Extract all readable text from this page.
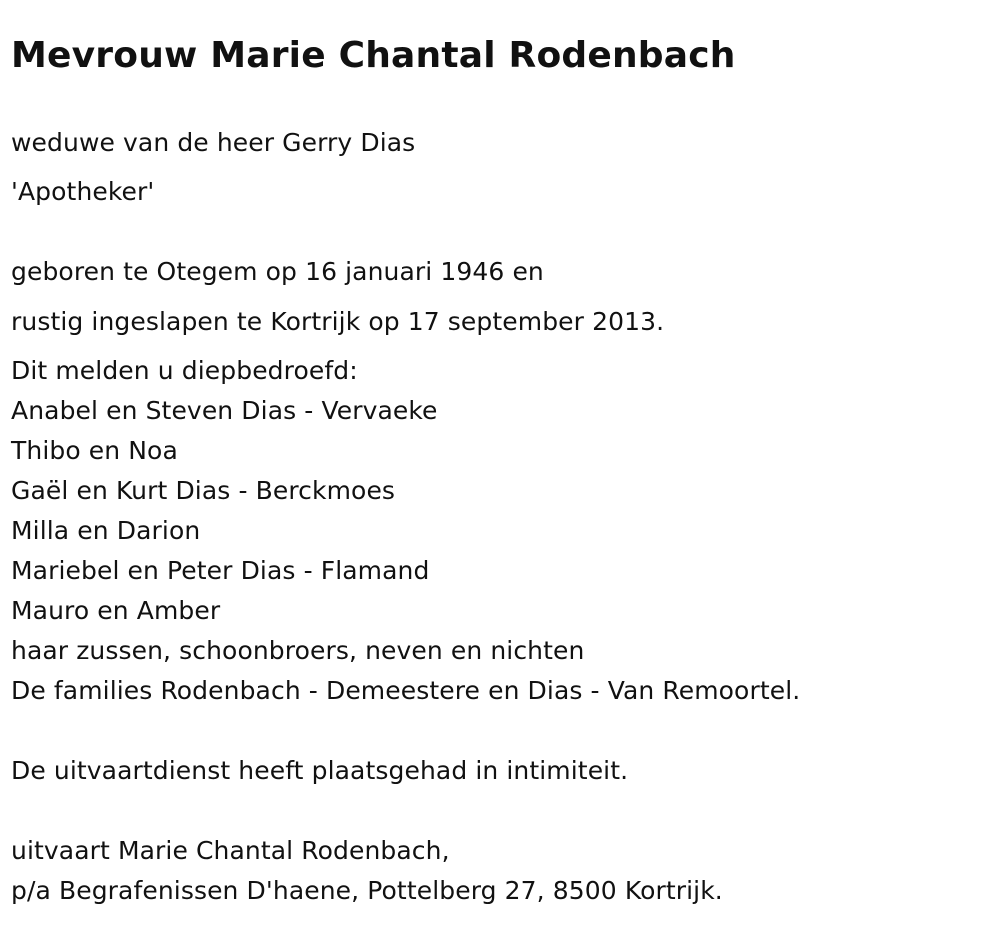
Mevrouw Marie Chantal Rodenbach

weduwe van de heer Gerry Dias

'Apotheker'

geboren te Otegem op 16 januari 1946 en

rustig ingeslapen te Kortrijk op 17 september 2013.

Dit melden u diepbedroefd:

Anabel en Steven Dias - Vervaeke

Thibo en Noa

Gaël en Kurt Dias - Berckmoes

Milla en Darion

Mariebel en Peter Dias - Flamand

Mauro en Amber

haar zussen, schoonbroers, neven en nichten

De families Rodenbach - Demeestere en Dias - Van Remoortel.

De uitvaartdienst heeft plaatsgehad in intimiteit.

uitvaart Marie Chantal Rodenbach,

p/a Begrafenissen D'haene, Pottelberg 27, 8500 Kortrijk.
